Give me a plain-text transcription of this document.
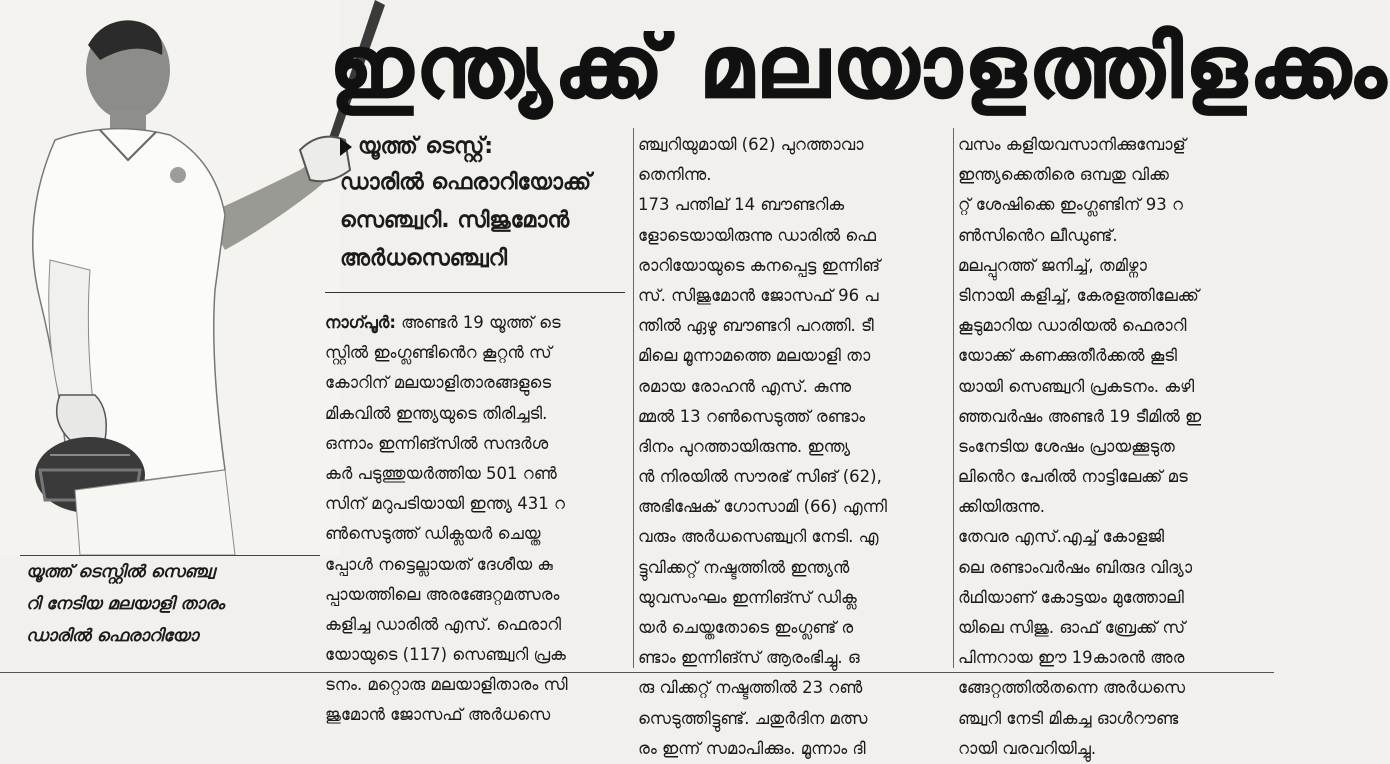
യൂത്ത് ടെസ്റ്റിൽ സെഞ്ച്വ
റി നേടിയ മലയാളി താരം
ഡാരിൽ ഫെരാറിയോ
ഇന്ത്യക്ക് മലയാളത്തിളക്കം
യൂത്ത് ടെസ്റ്റ്:
ഡാരിൽ ഫെരാറിയോക്ക്
സെഞ്ച്വറി. സിജുമോൻ
അർധസെഞ്ച്വറി
നാഗ്പൂർ: അണ്ടർ 19 യൂത്ത് ടെ
സ്റ്റിൽ ഇംഗ്ലണ്ടിൻെറ കൂറ്റൻ സ്
കോറിന് മലയാളിതാരങ്ങളുടെ
മികവിൽ ഇന്ത്യയുടെ തിരിച്ചടി.
ഒന്നാം ഇന്നിങ്സിൽ സന്ദർശ
കർ പടുത്തുയർത്തിയ 501 റൺ
സിന് മറുപടിയായി ഇന്ത്യ 431 റ
ൺസെടുത്ത് ഡിക്ലയർ ചെയ്ത
പ്പോൾ നട്ടെല്ലായത് ദേശീയ കു
പ്പായത്തിലെ അരങ്ങേറ്റമത്സരം
കളിച്ച ഡാരിൽ എസ്. ഫെരാറി
യോയുടെ (117) സെഞ്ച്വറി പ്രക
ടനം. മറ്റൊരു മലയാളിതാരം സി
ജുമോൻ ജോസഫ് അർധസെ
ഞ്ച്വറിയുമായി (62) പുറത്താവാ
തെനിന്നു.
173 പന്തില് 14 ബൗണ്ടറിക
ളോടെയായിരുന്നു ഡാരിൽ ഫെ
രാറിയോയുടെ കനപ്പെട്ട ഇന്നിങ്
സ്. സിജുമോൻ ജോസഫ് 96 പ
ന്തിൽ ഏഴു ബൗണ്ടറി പറത്തി. ടീ
മിലെ മൂന്നാമത്തെ മലയാളി താ
രമായ രോഹൻ എസ്. കുന്നു
മ്മൽ 13 റൺസെടുത്ത് രണ്ടാം
ദിനം പുറത്തായിരുന്നു. ഇന്ത്യ
ൻ നിരയിൽ സൗരഭ് സിങ് (62),
അഭിഷേക് ഗോസാമി (66) എന്നി
വരും അർധസെഞ്ച്വറി നേടി. എ
ട്ടുവിക്കറ്റ് നഷ്ടത്തിൽ ഇന്ത്യൻ
യുവസംഘം ഇന്നിങ്സ് ഡിക്ല
യർ ചെയ്തതോടെ ഇംഗ്ലണ്ട് ര
ണ്ടാം ഇന്നിങ്സ് ആരംഭിച്ചു. ഒ
രു വിക്കറ്റ് നഷ്ടത്തിൽ 23 റൺ
സെടുത്തിട്ടുണ്ട്. ചതുർദിന മത്സ
രം ഇന്ന് സമാപിക്കും. മൂന്നാം ദി
വസം കളിയവസാനിക്കുമ്പോള്
ഇന്ത്യക്കെതിരെ ഒമ്പതു വിക്ക
റ്റ് ശേഷിക്കെ ഇംഗ്ലണ്ടിന് 93 റ
ൺസിൻെറ ലീഡുണ്ട്.
മലപ്പുറത്ത് ജനിച്ച്, തമിഴ്നാ
ടിനായി കളിച്ച്, കേരളത്തിലേക്ക്
കൂടുമാറിയ ഡാരിയൽ ഫെരാറി
യോക്ക് കണക്കുതീർക്കൽ കൂടി
യായി സെഞ്ച്വറി പ്രകടനം. കഴി
ഞ്ഞവർഷം അണ്ടർ 19 ടീമിൽ ഇ
ടംനേടിയ ശേഷം പ്രായക്കൂടുത
ലിൻെറ പേരിൽ നാട്ടിലേക്ക് മട
ക്കിയിരുന്നു.
തേവര എസ്.എച്ച് കോളജി
ലെ രണ്ടാംവർഷം ബിരുദ വിദ്യാ
ർഥിയാണ് കോട്ടയം മുത്തോലി
യിലെ സിജു. ഓഫ് ബ്രേക്ക് സ്
പിന്നറായ ഈ 19കാരൻ അര
ങ്ങേറ്റത്തിൽതന്നെ അർധസെ
ഞ്ച്വറി നേടി മികച്ച ഓൾറൗണ്ട
റായി വരവറിയിച്ചു.
